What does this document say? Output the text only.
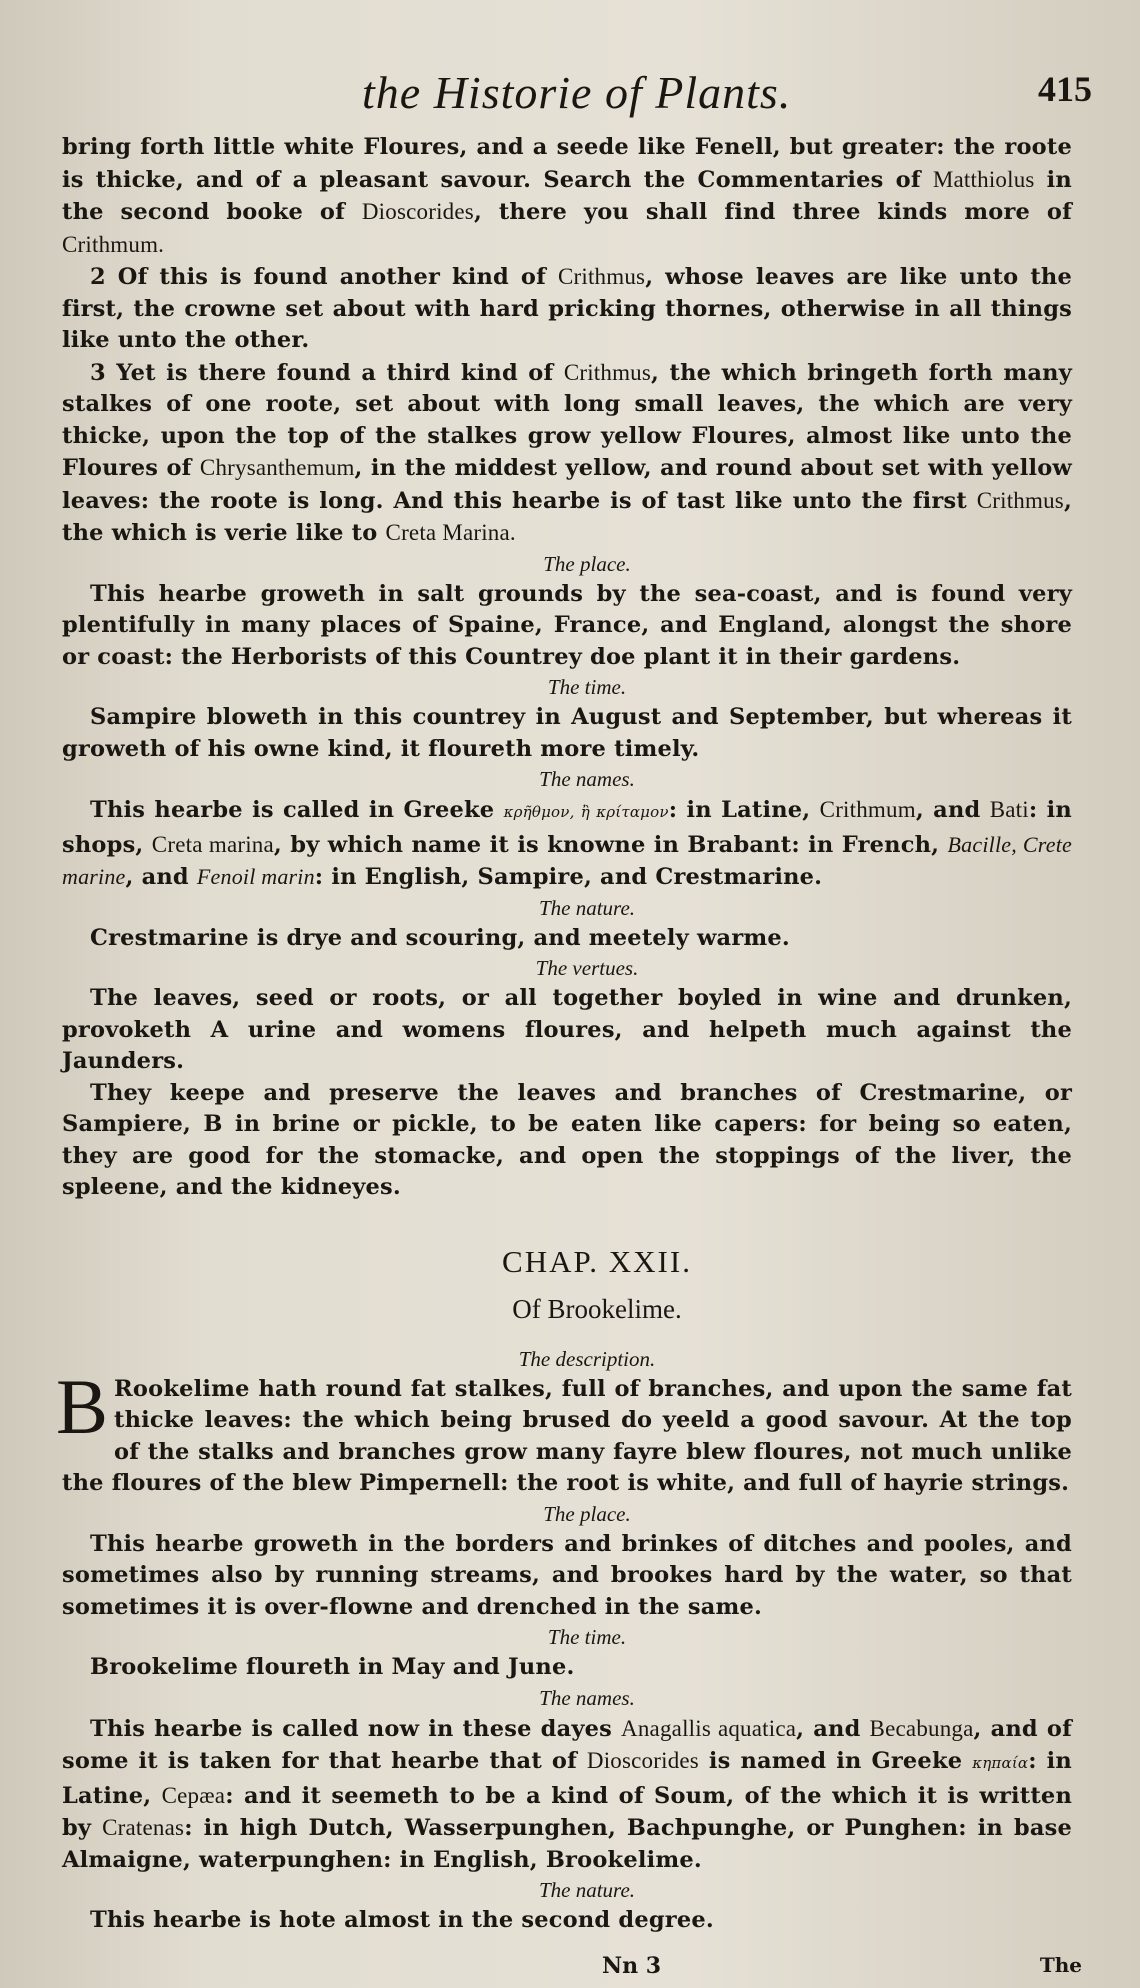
the Historie of Plants.	415

bring forth little white Floures, and a seede like Fenell, but greater: the roote is thicke, and of a pleasant savour. Search the Commentaries of Matthiolus in the second booke of Dioscorides, there you shall find three kinds more of Crithmum.

2 Of this is found another kind of Crithmus, whose leaves are like unto the first, the crowne set about with hard pricking thornes, otherwise in all things like unto the other.

3 Yet is there found a third kind of Crithmus, the which bringeth forth many stalkes of one roote, set about with long small leaves, the which are very thicke, upon the top of the stalkes grow yellow Floures, almost like unto the Floures of Chrysanthemum, in the middest yellow, and round about set with yellow leaves: the roote is long. And this hearbe is of tast like unto the first Crithmus, the which is verie like to Creta Marina.

The place.

This hearbe groweth in salt grounds by the sea-coast, and is found very plentifully in many places of Spaine, France, and England, alongst the shore or coast: the Herborists of this Countrey doe plant it in their gardens.

The time.

Sampire bloweth in this countrey in August and September, but whereas it groweth of his owne kind, it floureth more timely.

The names.

This hearbe is called in Greeke κρῆθμον, ἢ κρίταμον: in Latine, Crithmum, and Bati: in shops, Creta marina, by which name it is knowne in Brabant: in French, Bacille, Crete marine, and Fenoil marin: in English, Sampire, and Crestmarine.

The nature.

Crestmarine is drye and scouring, and meetely warme.

The vertues.

The leaves, seed or roots, or all together boyled in wine and drunken, provoketh A urine and womens floures, and helpeth much against the Jaunders.

They keepe and preserve the leaves and branches of Crestmarine, or Sampiere, B in brine or pickle, to be eaten like capers: for being so eaten, they are good for the stomacke, and open the stoppings of the liver, the spleene, and the kidneyes.

CHAP. XXII.
Of Brookelime.

The description.

B Rookelime hath round fat stalkes, full of branches, and upon the same fat thicke leaves: the which being brused do yeeld a good savour. At the top of the stalks and branches grow many fayre blew floures, not much unlike the floures of the blew Pimpernell: the root is white, and full of hayrie strings.

The place.

This hearbe groweth in the borders and brinkes of ditches and pooles, and sometimes also by running streams, and brookes hard by the water, so that sometimes it is over-flowne and drenched in the same.

The time.

Brookelime floureth in May and June.

The names.

This hearbe is called now in these dayes Anagallis aquatica, and Becabunga, and of some it is taken for that hearbe that of Dioscorides is named in Greeke κηπαία: in Latine, Cepæa: and it seemeth to be a kind of Soum, of the which it is written by Cratenas: in high Dutch, Wasserpunghen, Bachpunghe, or Punghen: in base Almaigne, waterpunghen: in English, Brookelime.

The nature.

This hearbe is hote almost in the second degree.

Nn 3	The
